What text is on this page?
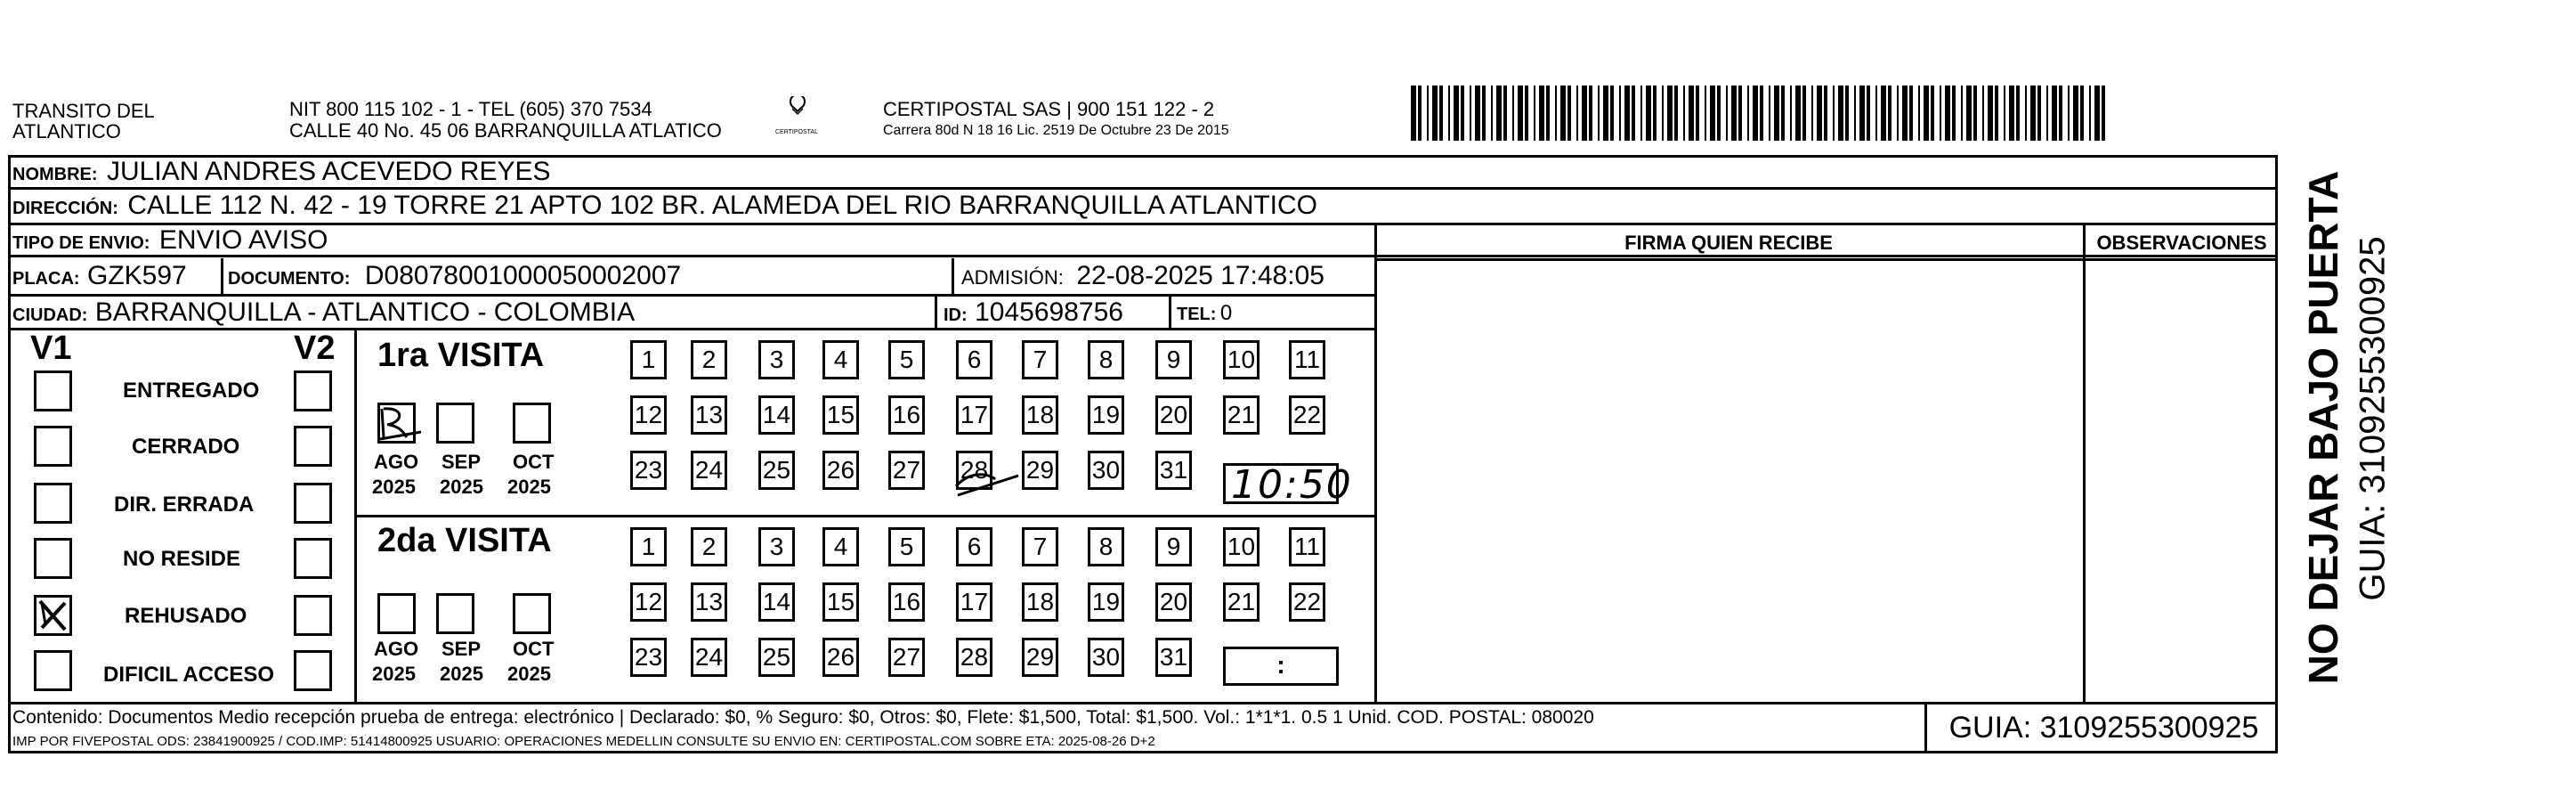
TRANSITO DEL
ATLANTICO
NIT 800 115 102 - 1 - TEL (605) 370 7534
CALLE 40 No. 45 06 BARRANQUILLA ATLATICO	CERTIPOSTAL
CERTIPOSTAL SAS | 900 151 122 - 2
Carrera 80d N 18 16 Lic. 2519 De Octubre 23 De 2015
NOMBRE: JULIAN ANDRES ACEVEDO REYES
DIRECCIÓN: CALLE 112 N. 42 - 19 TORRE 21 APTO 102 BR. ALAMEDA DEL RIO BARRANQUILLA ATLANTICO
TIPO DE ENVIO: ENVIO AVISO	FIRMA QUIEN RECIBE	OBSERVACIONES
PLACA: GZK597 DOCUMENTO: D08078001000050002007	ADMISIÓN: 22-08-2025 17:48:05
CIUDAD: BARRANQUILLA - ATLANTICO - COLOMBIA	ID: 1045698756	TEL: 0
V1	V2
ENTREGADO
CERRADO
DIR. ERRADA
NO RESIDE
REHUSADO
DIFICIL ACCESO
1ra VISITA
AGO SEP OCT
2025 2025 2025
1	2	3	4	5	6	7	8	9	10 11
12 13 14 15 16 17 18 19 20 21 22
23 24 25 26 27 28 29 30 31 10:50
2da VISITA
AGO SEP OCT
2025 2025 2025
1	2	3	4	5	6	7	8	9	10 11
12 13 14 15 16 17 18 19 20 21 22
23 24 25 26 27 28 29 30 31	:
Contenido: Documentos Medio recepción prueba de entrega: electrónico | Declarado: $0, % Seguro: $0, Otros: $0, Flete: $1,500, Total: $1,500. Vol.: 1*1*1. 0.5 1 Unid. COD. POSTAL: 080020
IMP POR FIVEPOSTAL ODS: 23841900925 / COD.IMP: 51414800925 USUARIO: OPERACIONES MEDELLIN CONSULTE SU ENVIO EN: CERTIPOSTAL.COM SOBRE ETA: 2025-08-26 D+2	GUIA: 3109255300925
NO DEJAR BAJO PUERTA GUIA: 3109255300925
